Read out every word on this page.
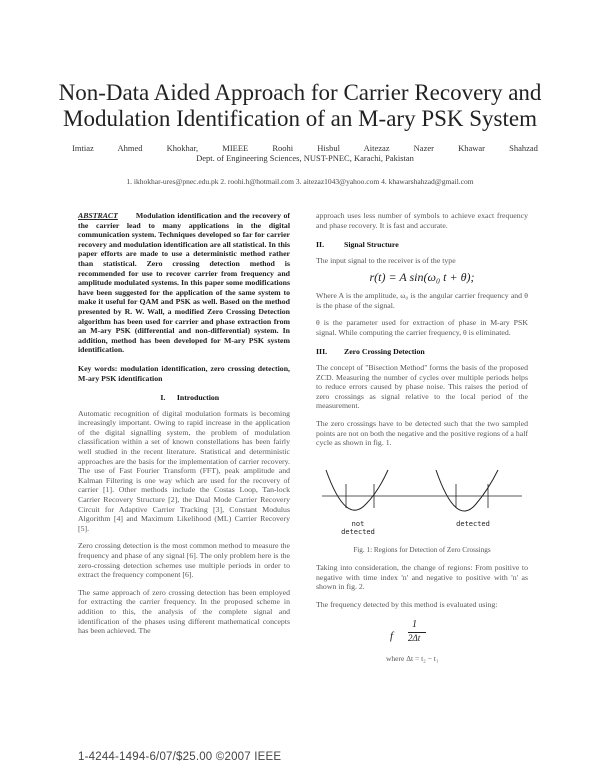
Non-Data Aided Approach for Carrier Recovery and
Modulation Identification of an M-ary PSK System
Imtiaz Ahmed Khokhar, MIEEE Roohi Hisbul Aitezaz Nazer Khawar Shahzad
Dept. of Engineering Sciences, NUST-PNEC, Karachi, Pakistan
1. ikhokhar-ures@pnec.edu.pk 2. roohi.h@hotmail.com 3. aitezaz1043@yahoo.com 4. khawarshahzad@gmail.com
ABSTRACT Modulation identification and the recovery of the carrier lead to many applications in the digital communication system. Techniques developed so far for carrier recovery and modulation identification are all statistical. In this paper efforts are made to use a deterministic method rather than statistical. Zero crossing detection method is recommended for use to recover carrier from frequency and amplitude modulated systems. In this paper some modifications have been suggested for the application of the same system to make it useful for QAM and PSK as well. Based on the method presented by R. W. Wall, a modified Zero Crossing Detection algorithm has been used for carrier and phase extraction from an M-ary PSK (differential and non-differential) system. In addition, method has been developed for M-ary PSK system identification.
Key words: modulation identification, zero crossing detection, M-ary PSK identification
I. Introduction

Automatic recognition of digital modulation formats is becoming increasingly important. Owing to rapid increase in the application of the digital signalling system, the problem of modulation classification within a set of known constellations has been fairly well studied in the recent literature. Statistical and deterministic approaches are the basis for the implementation of carrier recovery. The use of Fast Fourier Transform (FFT), peak amplitude and Kalman Filtering is one way which are used for the recovery of carrier [1]. Other methods include the Costas Loop, Tan-lock Carrier Recovery Structure [2], the Dual Mode Carrier Recovery Circuit for Adaptive Carrier Tracking [3], Constant Modulus Algorithm [4] and Maximum Likelihood (ML) Carrier Recovery [5].

Zero crossing detection is the most common method to measure the frequency and phase of any signal [6]. The only problem here is the zero-crossing detection schemes use multiple periods in order to extract the frequency component [6].

The same approach of zero crossing detection has been employed for extracting the carrier frequency. In the proposed scheme in addition to this, the analysis of the complete signal and identification of the phases using different mathematical concepts has been achieved. The

approach uses less number of symbols to achieve exact frequency and phase recovery. It is fast and accurate.

II.	Signal Structure

The input signal to the receiver is of the type

r(t) = A sin(ω₀ t + θ);

Where A is the amplitude, ω₀ is the angular carrier frequency and θ is the phase of the signal.

θ is the parameter used for extraction of phase in M-ary PSK signal. While computing the carrier frequency, θ is eliminated.

III. Zero Crossing Detection

The concept of "Bisection Method" forms the basis of the proposed ZCD. Measuring the number of cycles over multiple periods helps to reduce errors caused by phase noise. This raises the period of zero crossings as signal relative to the local period of the measurement.

The zero crossings have to be detected such that the two sampled points are not on both the negative and the positive regions of a half cycle as shown in fig. 1.

not
detected
detected
Fig. 1: Regions for Detection of Zero Crossings

Taking into consideration, the change of regions: From positive to negative with time index 'n' and negative to positive with 'n' as shown in fig. 2.

The frequency detected by this method is evaluated using:

f
1
2Δt
where Δt = t₂ − t₁
1-4244-1494-6/07/$25.00 ©2007 IEEE
